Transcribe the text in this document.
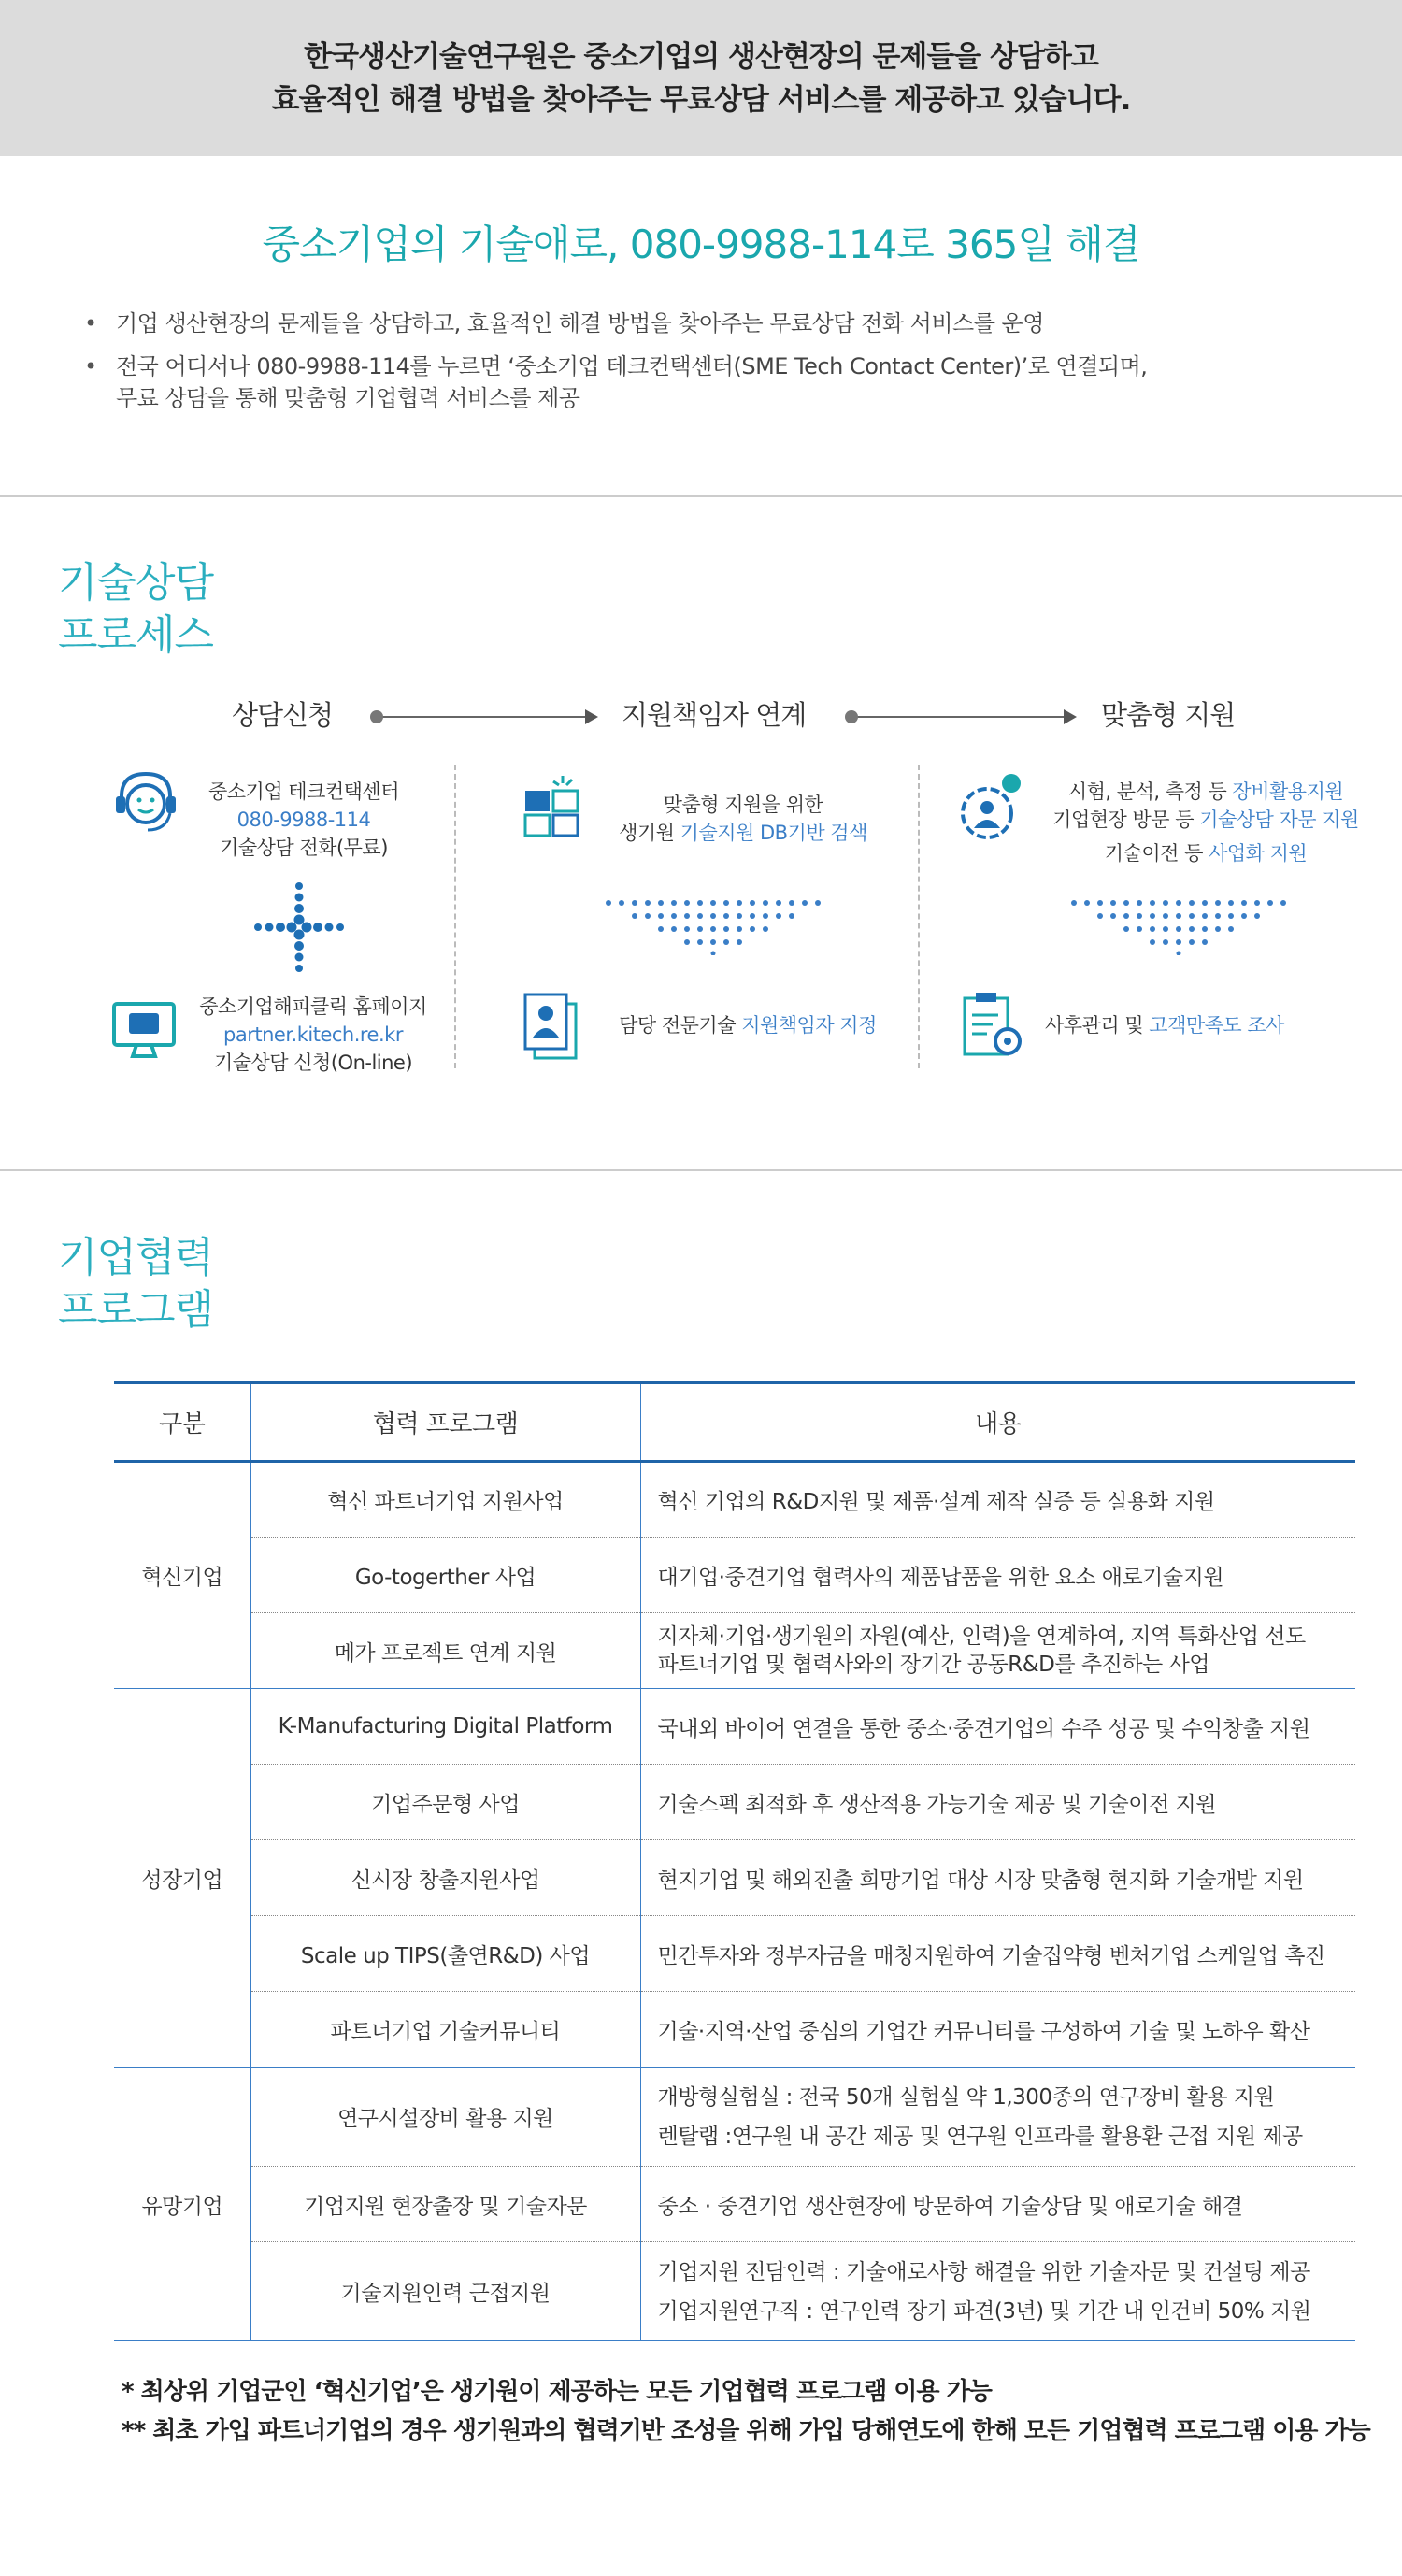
한국생산기술연구원은 중소기업의 생산현장의 문제들을 상담하고
효율적인 해결 방법을 찾아주는 무료상담 서비스를 제공하고 있습니다.
중소기업의 기술애로, 080-9988-114로 365일 해결
• 기업 생산현장의 문제들을 상담하고, 효율적인 해결 방법을 찾아주는 무료상담 전화 서비스를 운영
• 전국 어디서나 080-9988-114를 누르면 ‘중소기업 테크컨택센터(SME Tech Contact Center)’로 연결되며,
무료 상담을 통해 맞춤형 기업협력 서비스를 제공
기술상담
프로세스
상담신청	지원책임자 연계	맞춤형 지원
중소기업 테크컨택센터
080-9988-114
기술상담 전화(무료)
중소기업해피클릭 홈페이지
partner.kitech.re.kr
기술상담 신청(On-line)
맞춤형 지원을 위한
생기원 기술지원 DB기반 검색
담당 전문기술 지원책임자 지정
시험, 분석, 측정 등 장비활용지원
기업현장 방문 등 기술상담 자문 지원
기술이전 등 사업화 지원
사후관리 및 고객만족도 조사
기업협력
프로그램
구분	협력 프로그램	내용
혁신기업	혁신 파트너기업 지원사업	혁신 기업의 R&D지원 및 제품·설계 제작 실증 등 실용화 지원
	Go-togerther 사업	대기업·중견기업 협력사의 제품납품을 위한 요소 애로기술지원
	메가 프로젝트 연계 지원	지자체·기업·생기원의 자원(예산, 인력)을 연계하여, 지역 특화산업 선도
파트너기업 및 협력사와의 장기간 공동R&D를 추진하는 사업

성장기업	K-Manufacturing Digital Platform	국내외 바이어 연결을 통한 중소·중견기업의 수주 성공 및 수익창출 지원
	기업주문형 사업	기술스펙 최적화 후 생산적용 가능기술 제공 및 기술이전 지원
	신시장 창출지원사업	현지기업 및 해외진출 희망기업 대상 시장 맞춤형 현지화 기술개발 지원
	Scale up TIPS(출연R&D) 사업	민간투자와 정부자금을 매칭지원하여 기술집약형 벤처기업 스케일업 촉진
	파트너기업 기술커뮤니티	기술·지역·산업 중심의 기업간 커뮤니티를 구성하여 기술 및 노하우 확산
유망기업	연구시설장비 활용 지원	개방형실험실 : 전국 50개 실험실 약 1,300종의 연구장비 활용 지원
렌탈랩 :연구원 내 공간 제공 및 연구원 인프라를 활용환 근접 지원 제공

	기업지원 현장출장 및 기술자문	중소 · 중견기업 생산현장에 방문하여 기술상담 및 애로기술 해결
	기술지원인력 근접지원	기업지원 전담인력 : 기술애로사항 해결을 위한 기술자문 및 컨설팅 제공
기업지원연구직 : 연구인력 장기 파견(3년) 및 기간 내 인건비 50% 지원
* 최상위 기업군인 ‘혁신기업’은 생기원이 제공하는 모든 기업협력 프로그램 이용 가능
** 최초 가입 파트너기업의 경우 생기원과의 협력기반 조성을 위해 가입 당해연도에 한해 모든 기업협력 프로그램 이용 가능
